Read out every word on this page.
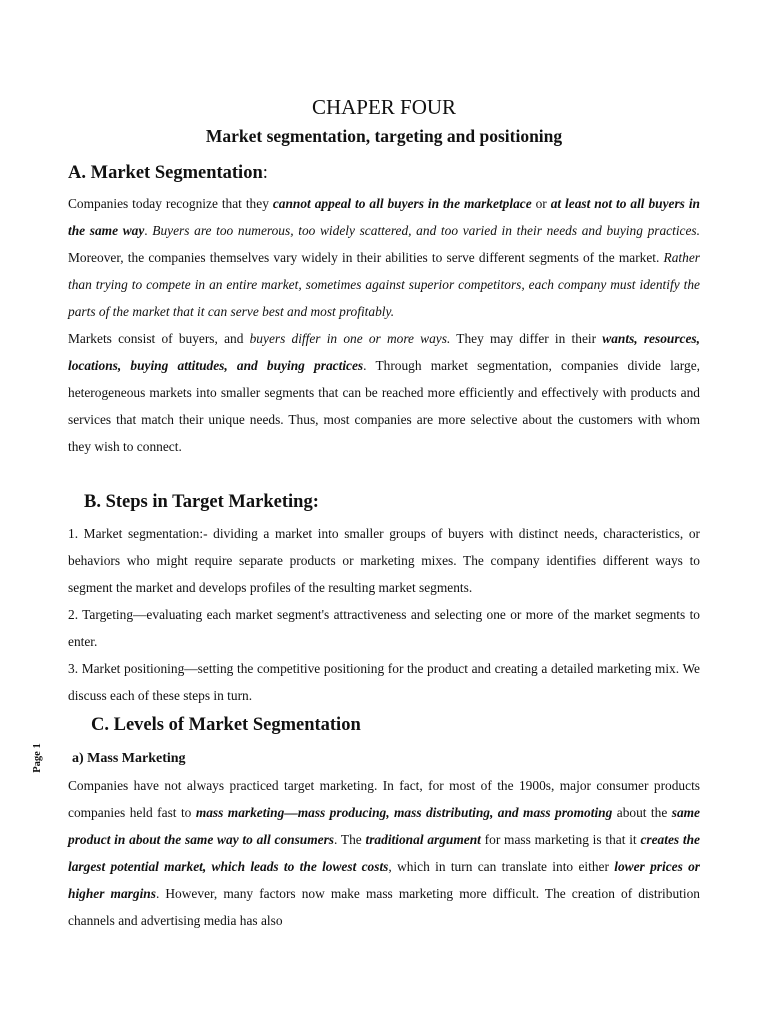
CHAPER FOUR
Market segmentation, targeting and positioning
A. Market Segmentation:

Companies today recognize that they cannot appeal to all buyers in the marketplace or at least not to all buyers in the same way. Buyers are too numerous, too widely scattered, and too varied in their needs and buying practices. Moreover, the companies themselves vary widely in their abilities to serve different segments of the market. Rather than trying to compete in an entire market, sometimes against superior competitors, each company must identify the parts of the market that it can serve best and most profitably.

Markets consist of buyers, and buyers differ in one or more ways. They may differ in their wants, resources, locations, buying attitudes, and buying practices. Through market segmentation, companies divide large, heterogeneous markets into smaller segments that can be reached more efficiently and effectively with products and services that match their unique needs. Thus, most companies are more selective about the customers with whom they wish to connect.

B. Steps in Target Marketing:

1. Market segmentation:- dividing a market into smaller groups of buyers with distinct needs, characteristics, or behaviors who might require separate products or marketing mixes. The company identifies different ways to segment the market and develops profiles of the resulting market segments.

2. Targeting—evaluating each market segment's attractiveness and selecting one or more of the market segments to enter.

3. Market positioning—setting the competitive positioning for the product and creating a detailed marketing mix. We discuss each of these steps in turn.

C. Levels of Market Segmentation
a) Mass Marketing

Companies have not always practiced target marketing. In fact, for most of the 1900s, major consumer products companies held fast to mass marketing—mass producing, mass distributing, and mass promoting about the same product in about the same way to all consumers. The traditional argument for mass marketing is that it creates the largest potential market, which leads to the lowest costs, which in turn can translate into either lower prices or higher margins. However, many factors now make mass marketing more difficult. The creation of distribution channels and advertising media has also

Page 1
